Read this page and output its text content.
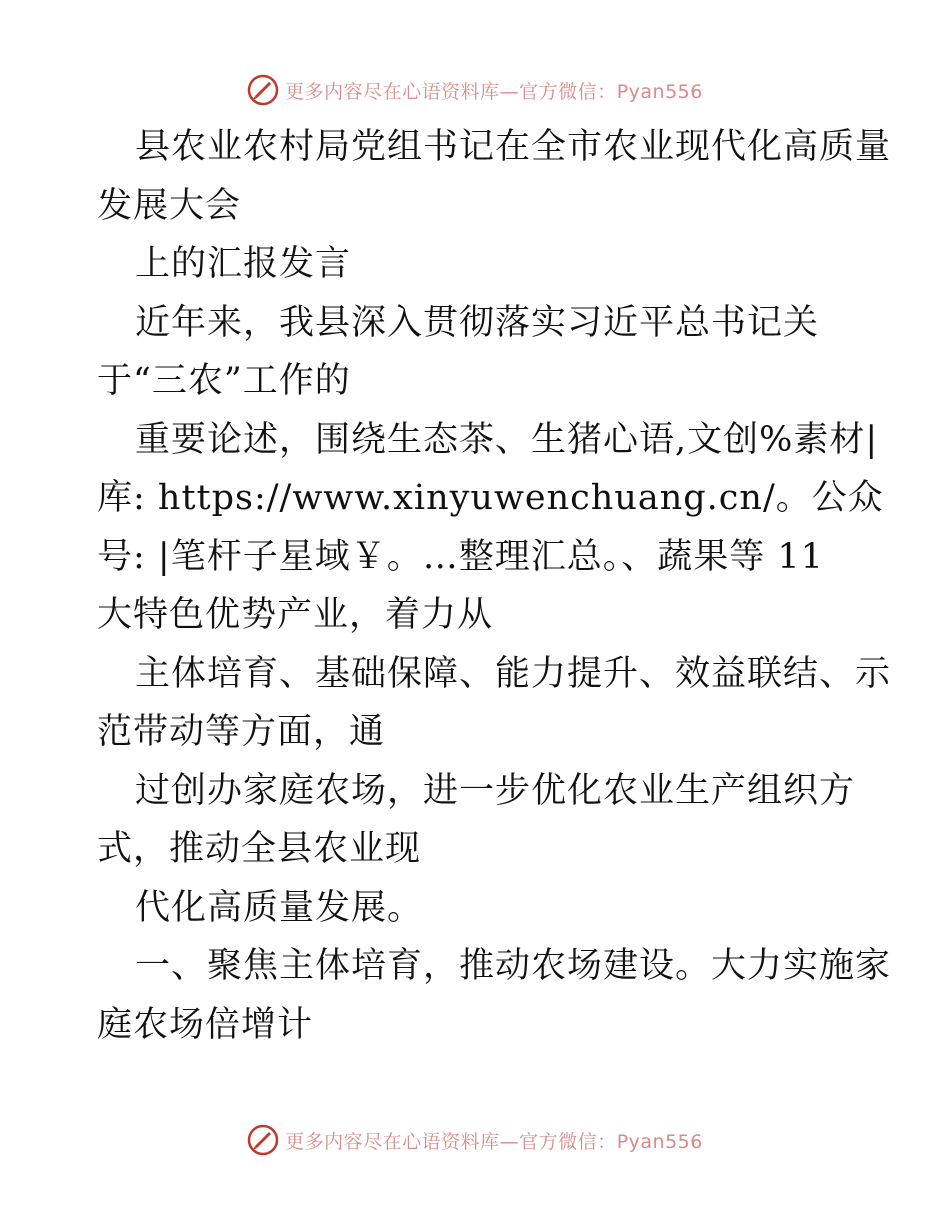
更多内容尽在心语资料库—官方微信：Pyan556
县农业农村局党组书记在全市农业现代化高质量
发展大会
上的汇报发言
近年来，我县深入贯彻落实习近平总书记关
于“三农”工作的
重要论述，围绕生态茶、生猪心语,文创%素材|
库: https://www.xinyuwenchuang.cn/。公众
号: |笔杆子星域￥。…整理汇总。、蔬果等 11
大特色优势产业，着力从
主体培育、基础保障、能力提升、效益联结、示
范带动等方面，通
过创办家庭农场，进一步优化农业生产组织方
式，推动全县农业现
代化高质量发展。
一、聚焦主体培育，推动农场建设。大力实施家
庭农场倍增计
更多内容尽在心语资料库—官方微信：Pyan556
